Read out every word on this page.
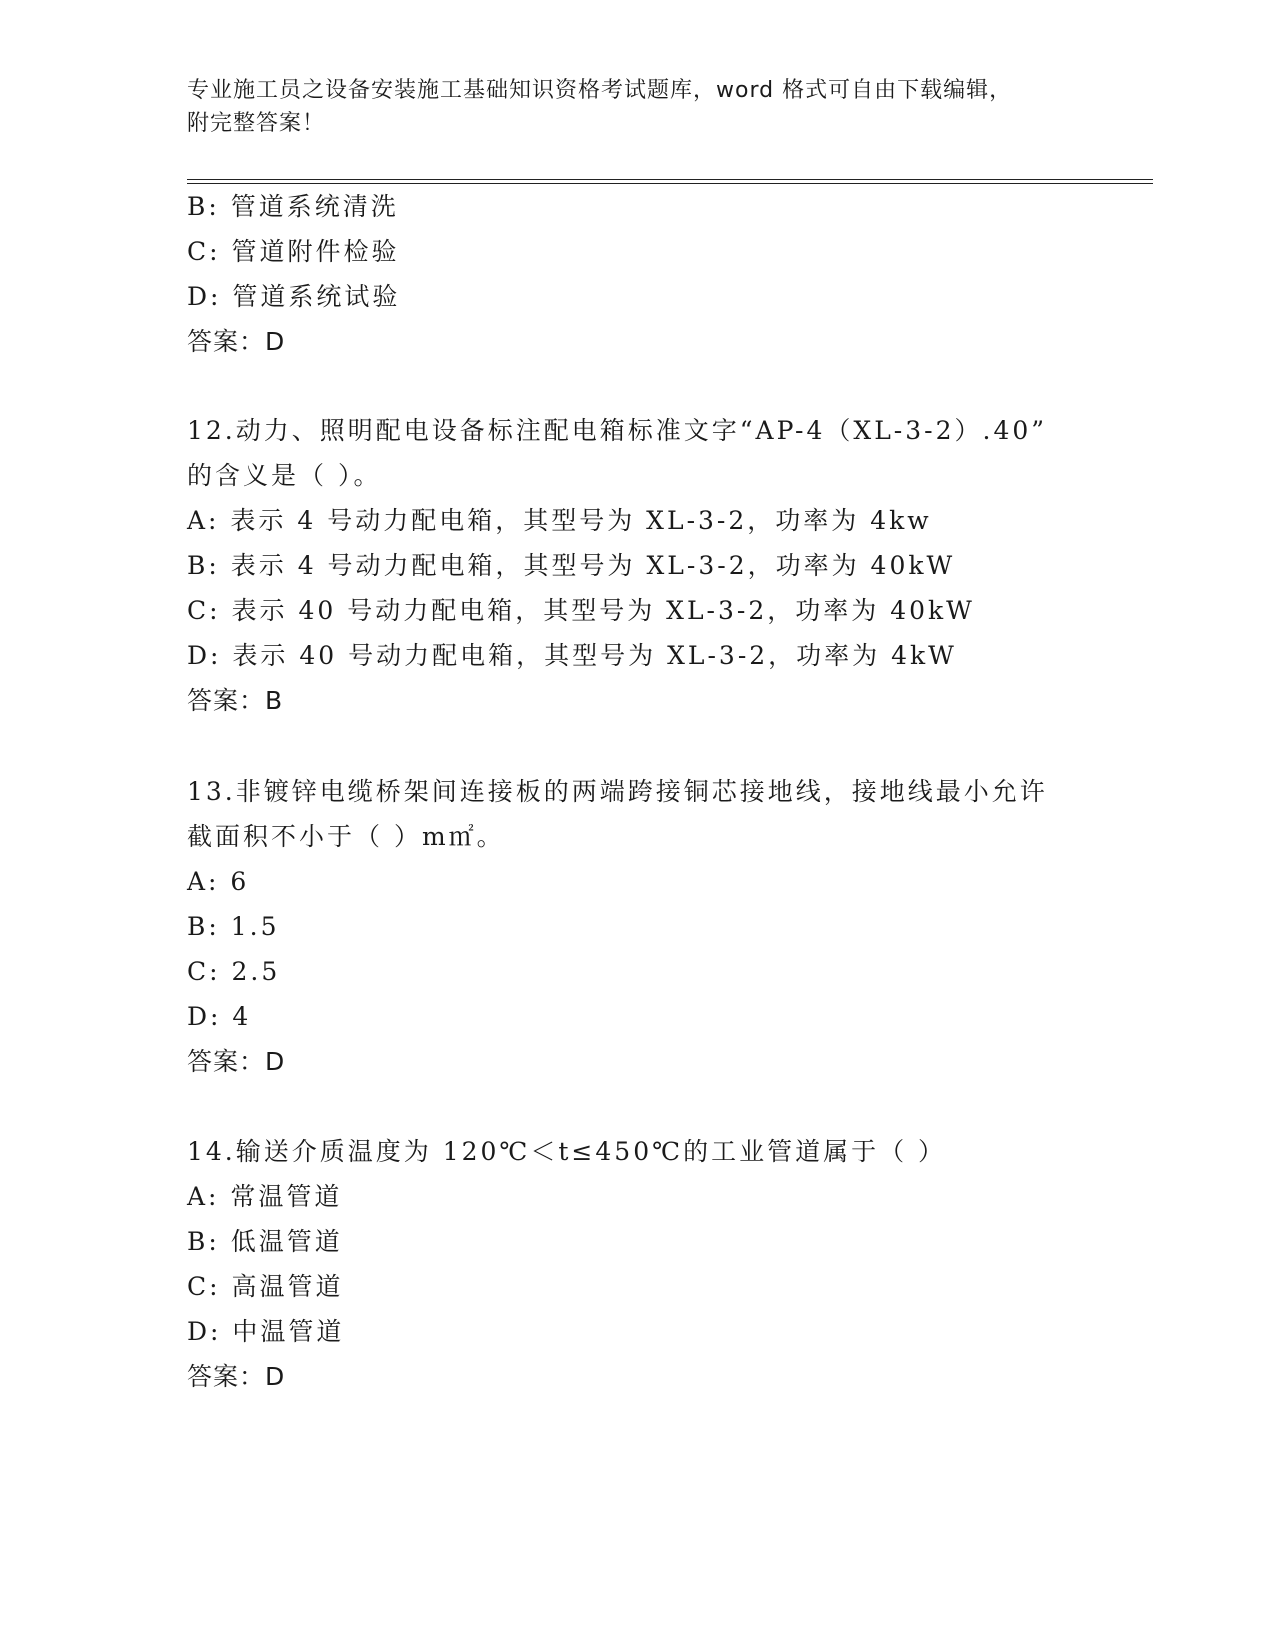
专业施工员之设备安装施工基础知识资格考试题库，word 格式可自由下载编辑，
附完整答案！
B: 管道系统清洗
C: 管道附件检验
D: 管道系统试验
答案：D
12.动力、照明配电设备标注配电箱标准文字“AP-4（XL-3-2）.40”
的含义是（ ）。
A: 表示 4 号动力配电箱，其型号为 XL-3-2，功率为 4kw
B: 表示 4 号动力配电箱，其型号为 XL-3-2，功率为 40kW
C: 表示 40 号动力配电箱，其型号为 XL-3-2，功率为 40kW
D: 表示 40 号动力配电箱，其型号为 XL-3-2，功率为 4kW
答案：B
13.非镀锌电缆桥架间连接板的两端跨接铜芯接地线，接地线最小允许
截面积不小于（ ）m㎡。
A: 6
B: 1.5
C: 2.5
D: 4
答案：D
14.输送介质温度为 120℃＜t≤450℃的工业管道属于（ ）
A: 常温管道
B: 低温管道
C: 高温管道
D: 中温管道
答案：D
